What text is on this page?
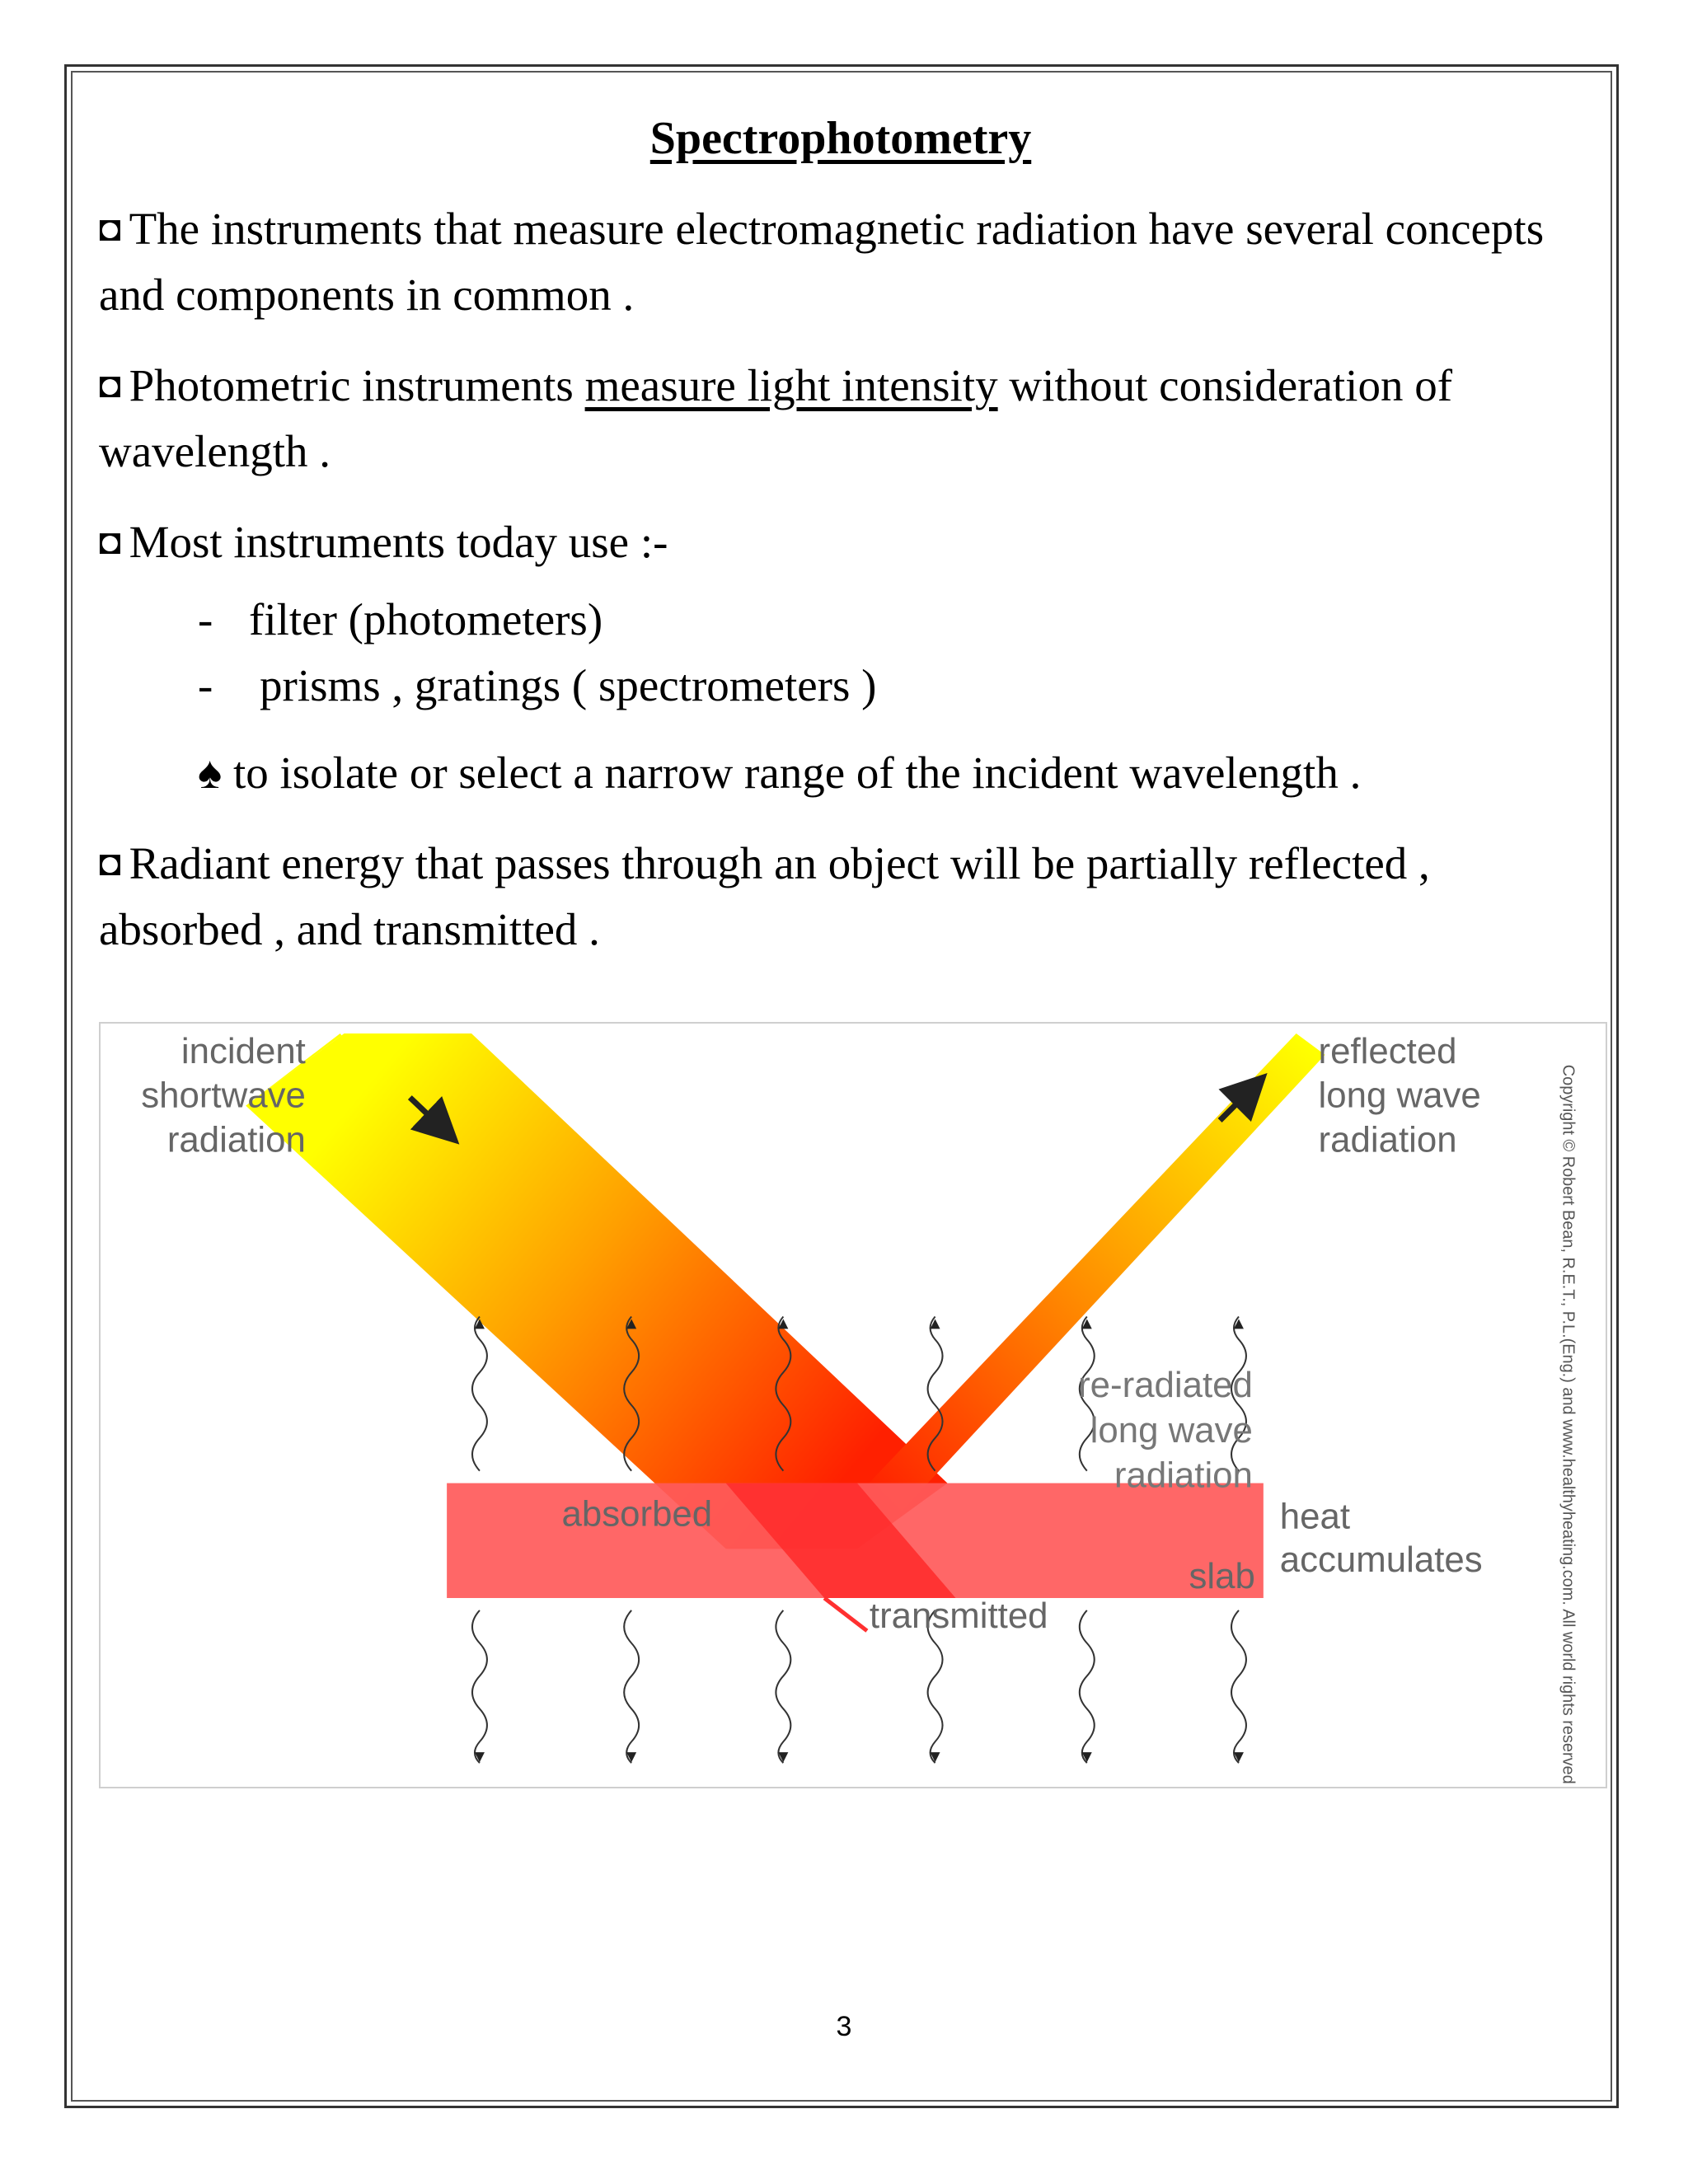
Spectrophotometry

◘ The instruments that measure electromagnetic radiation have several concepts and components in common .

◘ Photometric instruments measure light intensity without consideration of wavelength .

◘ Most instruments today use :-

- filter (photometers)
- prisms , gratings ( spectrometers )

♠ to isolate or select a narrow range of the incident wavelength .

◘ Radiant energy that passes through an object will be partially reflected , absorbed , and transmitted .

incident
shortwave
radiation
reflected
long wave
radiation
re-radiated
long wave
radiation
absorbed
slab
transmitted
heat
accumulates	Copyright © Robert Bean, R.E.T., P.L.(Eng.) and www.healthyheating.com. All world rights reserved
3
